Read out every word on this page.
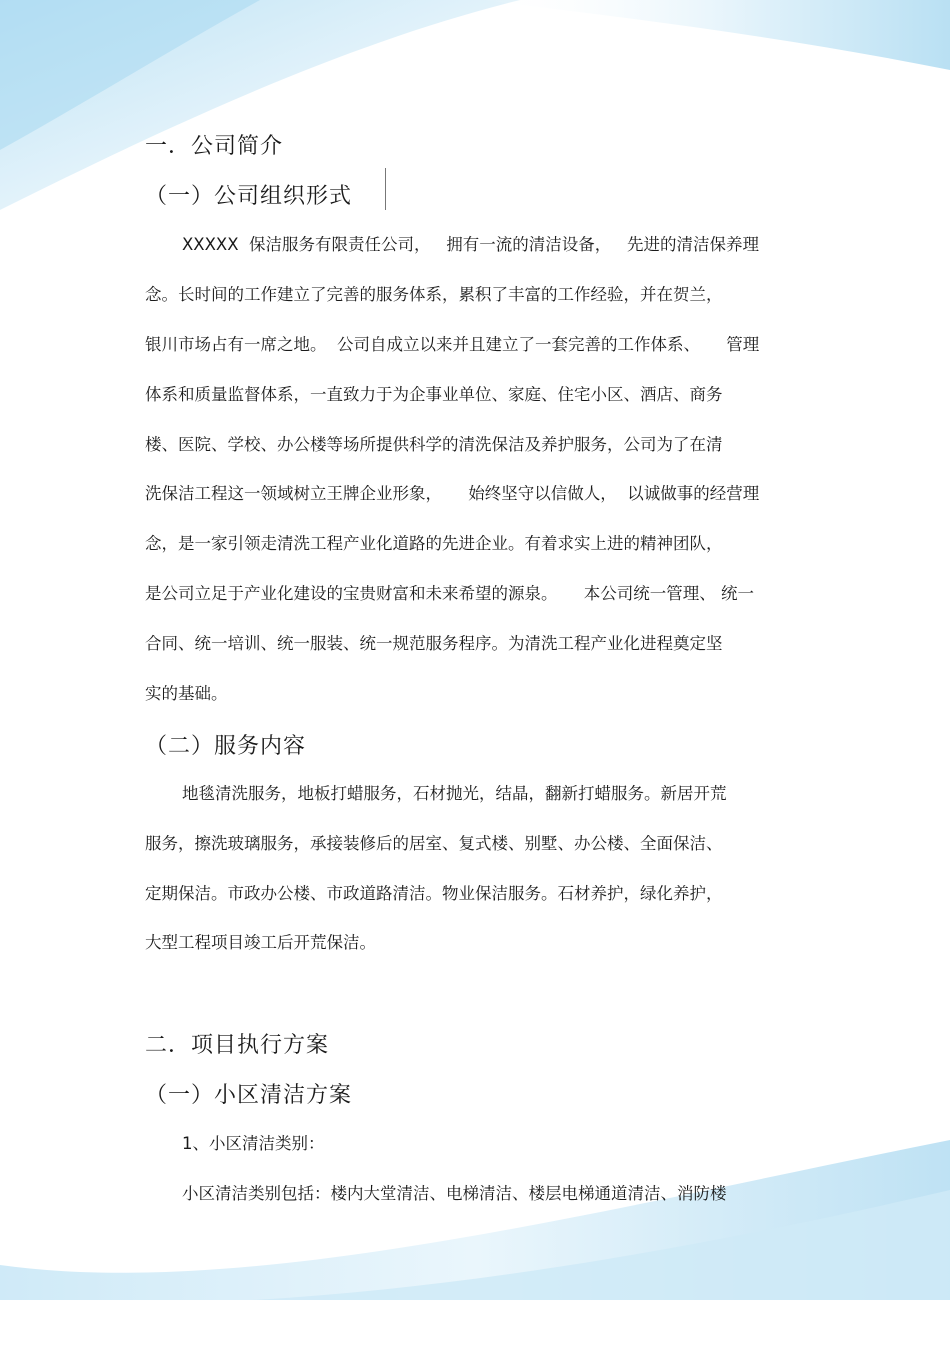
一．公司简介
（一）公司组织形式
XXXXX  保洁服务有限责任公司，   拥有一流的清洁设备，   先进的清洁保养理
念。长时间的工作建立了完善的服务体系，累积了丰富的工作经验，并在贺兰，
银川市场占有一席之地。  公司自成立以来并且建立了一套完善的工作体系、     管理
体系和质量监督体系，一直致力于为企事业单位、家庭、住宅小区、酒店、商务
楼、医院、学校、办公楼等场所提供科学的清洗保洁及养护服务，公司为了在清
洗保洁工程这一领域树立王牌企业形象，     始终坚守以信做人，  以诚做事的经营理
念，是一家引领走清洗工程产业化道路的先进企业。有着求实上进的精神团队，
是公司立足于产业化建设的宝贵财富和未来希望的源泉。     本公司统一管理、 统一
合同、统一培训、统一服装、统一规范服务程序。为清洗工程产业化进程奠定坚
实的基础。
（二）服务内容
地毯清洗服务，地板打蜡服务，石材抛光，结晶，翻新打蜡服务。新居开荒
服务，擦洗玻璃服务，承接装修后的居室、复式楼、别墅、办公楼、全面保洁、
定期保洁。市政办公楼、市政道路清洁。物业保洁服务。石材养护，绿化养护，
大型工程项目竣工后开荒保洁。
二．项目执行方案
（一）小区清洁方案
1、小区清洁类别：
小区清洁类别包括：楼内大堂清洁、电梯清洁、楼层电梯通道清洁、消防楼
